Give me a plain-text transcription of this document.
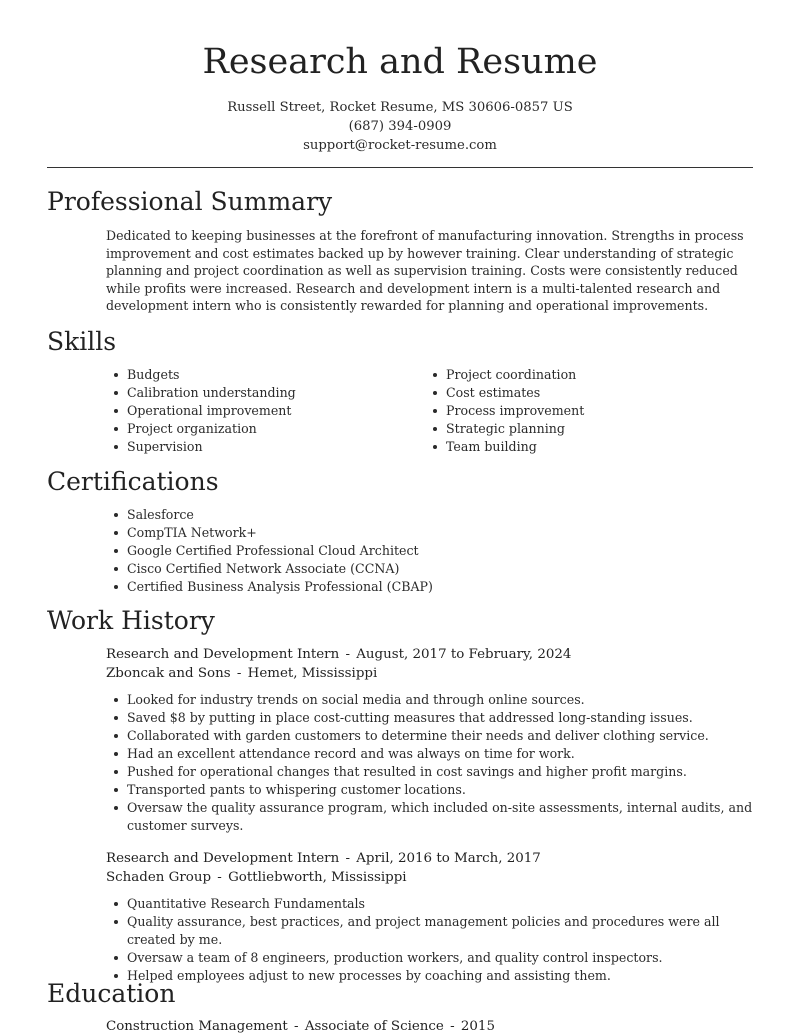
Research and Resume
Russell Street, Rocket Resume, MS 30606-0857 US
(687) 394-0909
support@rocket-resume.com
Professional Summary
Dedicated to keeping businesses at the forefront of manufacturing innovation. Strengths in process improvement and cost estimates backed up by however training. Clear understanding of strategic planning and project coordination as well as supervision training. Costs were consistently reduced while profits were increased. Research and development intern is a multi-talented research and development intern who is consistently rewarded for planning and operational improvements.
Skills
Budgets
Calibration understanding
Operational improvement
Project organization
Supervision
Project coordination
Cost estimates
Process improvement
Strategic planning
Team building
Certifications
Salesforce
CompTIA Network+
Google Certified Professional Cloud Architect
Cisco Certified Network Associate (CCNA)
Certified Business Analysis Professional (CBAP)
Work History
Research and Development Intern - August, 2017 to February, 2024
Zboncak and Sons - Hemet, Mississippi
Looked for industry trends on social media and through online sources.
Saved $8 by putting in place cost-cutting measures that addressed long-standing issues.
Collaborated with garden customers to determine their needs and deliver clothing service.
Had an excellent attendance record and was always on time for work.
Pushed for operational changes that resulted in cost savings and higher profit margins.
Transported pants to whispering customer locations.
Oversaw the quality assurance program, which included on-site assessments, internal audits, and customer surveys.
Research and Development Intern - April, 2016 to March, 2017
Schaden Group - Gottliebworth, Mississippi
Quantitative Research Fundamentals
Quality assurance, best practices, and project management policies and procedures were all created by me.
Oversaw a team of 8 engineers, production workers, and quality control inspectors.
Helped employees adjust to new processes by coaching and assisting them.
Education
Construction Management - Associate of Science - 2015
